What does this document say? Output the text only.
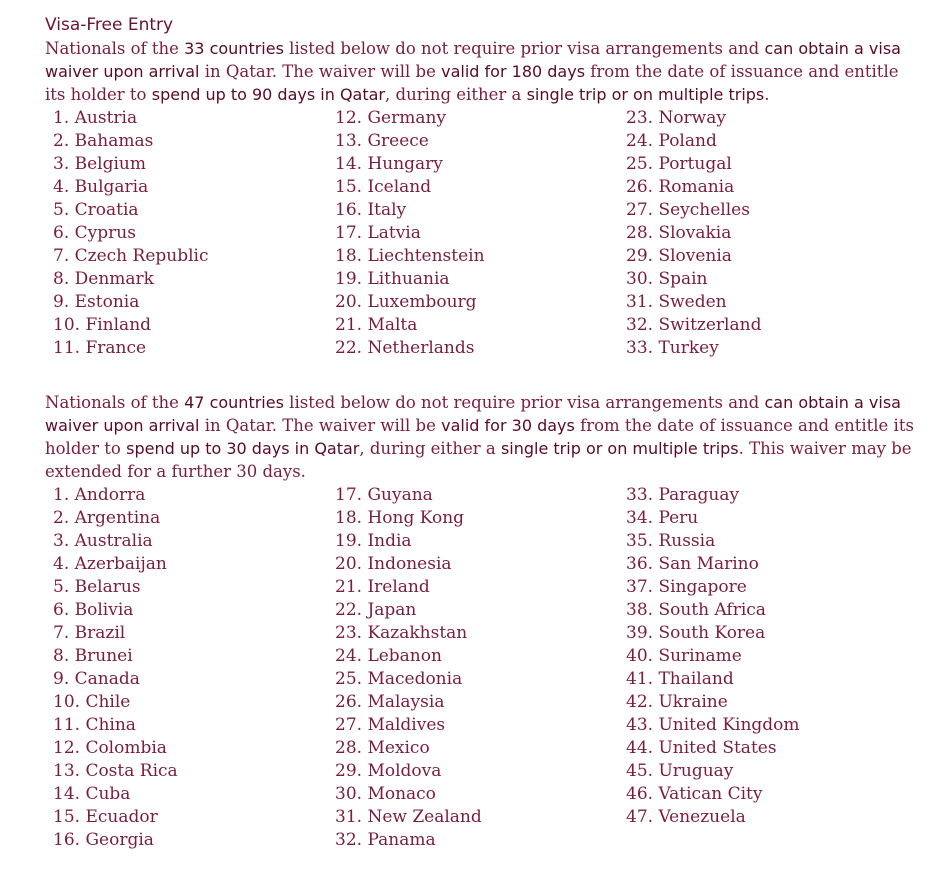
Visa-Free Entry

Nationals of the 33 countries listed below do not require prior visa arrangements and can obtain a visa waiver upon arrival in Qatar. The waiver will be valid for 180 days from the date of issuance and entitle its holder to spend up to 90 days in Qatar, during either a single trip or on multiple trips.

1. Austria
2. Bahamas
3. Belgium
4. Bulgaria
5. Croatia
6. Cyprus
7. Czech Republic
8. Denmark
9. Estonia
10. Finland
11. France
12. Germany
13. Greece
14. Hungary
15. Iceland
16. Italy
17. Latvia
18. Liechtenstein
19. Lithuania
20. Luxembourg
21. Malta
22. Netherlands
23. Norway
24. Poland
25. Portugal
26. Romania
27. Seychelles
28. Slovakia
29. Slovenia
30. Spain
31. Sweden
32. Switzerland
33. Turkey

Nationals of the 47 countries listed below do not require prior visa arrangements and can obtain a visa waiver upon arrival in Qatar. The waiver will be valid for 30 days from the date of issuance and entitle its holder to spend up to 30 days in Qatar, during either a single trip or on multiple trips. This waiver may be extended for a further 30 days.

1. Andorra
2. Argentina
3. Australia
4. Azerbaijan
5. Belarus
6. Bolivia
7. Brazil
8. Brunei
9. Canada
10. Chile
11. China
12. Colombia
13. Costa Rica
14. Cuba
15. Ecuador
16. Georgia
17. Guyana
18. Hong Kong
19. India
20. Indonesia
21. Ireland
22. Japan
23. Kazakhstan
24. Lebanon
25. Macedonia
26. Malaysia
27. Maldives
28. Mexico
29. Moldova
30. Monaco
31. New Zealand
32. Panama
33. Paraguay
34. Peru
35. Russia
36. San Marino
37. Singapore
38. South Africa
39. South Korea
40. Suriname
41. Thailand
42. Ukraine
43. United Kingdom
44. United States
45. Uruguay
46. Vatican City
47. Venezuela
